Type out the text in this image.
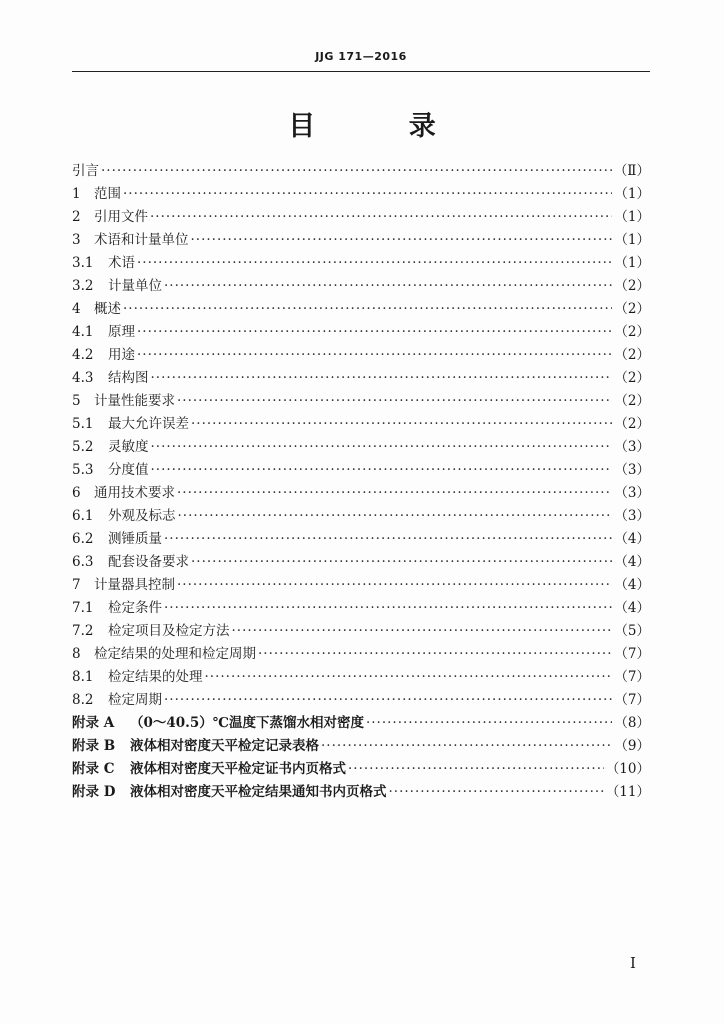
JJG 171—2016
目 录
引言 ·····	（Ⅱ）
1 范围 ·····	（1）
2 引用文件 ·····	（1）
3 术语和计量单位 ·····	（1）
3.1	术语 ·····	（1）
3.2	计量单位 ·····	（2）
4 概述 ·····	（2）
4.1	原理 ·····	（2）
4.2	用途 ·····	（2）
4.3	结构图 ·····	（2）
5 计量性能要求 ·····	（2）
5.1	最大允许误差 ·····	（2）
5.2	灵敏度 ·····	（3）
5.3	分度值 ·····	（3）
6 通用技术要求 ·····	（3）
6.1	外观及标志 ·····	（3）
6.2	测锤质量 ·····	（4）
6.3	配套设备要求 ·····	（4）
7 计量器具控制 ·····	（4）
7.1	检定条件 ·····	（4）
7.2	检定项目及检定方法 ·····	（5）
8 检定结果的处理和检定周期 ·····	（7）
8.1	检定结果的处理 ·····	（7）
8.2	检定周期 ·····	（7）
附录 A	（0～40.5）℃温度下蒸馏水相对密度 ·····	（8）
附录 B	液体相对密度天平检定记录表格 ·····	（9）
附录 C	液体相对密度天平检定证书内页格式 ·····	（10）
附录 D	液体相对密度天平检定结果通知书内页格式 ·····	（11）
I
